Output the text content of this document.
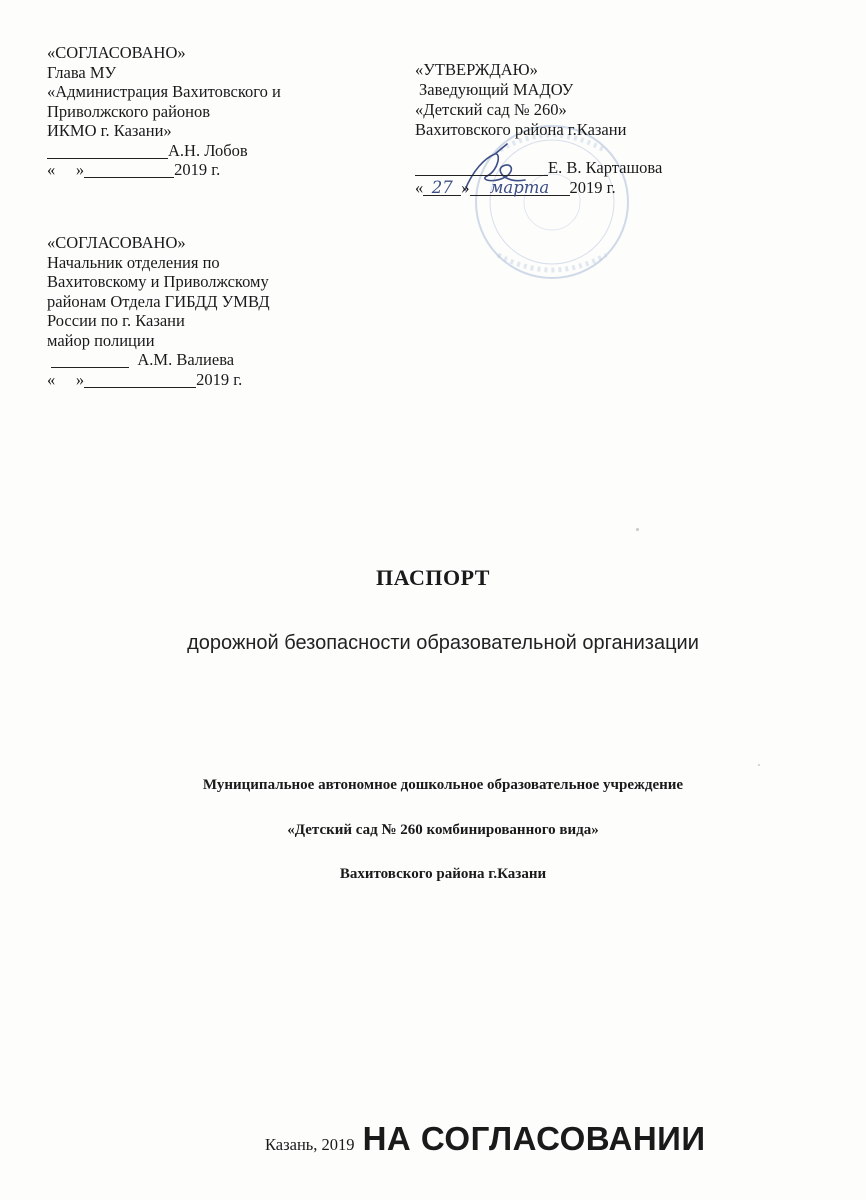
«СОГЛАСОВАНО»
Глава МУ
«Администрация Вахитовского и
Приволжского районов
ИКМО г. Казани»
А.Н. Лобов
«     »	2019 г.
«СОГЛАСОВАНО»
Начальник отделения по
Вахитовскому и Приволжскому
районам Отдела ГИБДД УМВД
России по г. Казани
майор полиции
А.М. Валиева
«     »	2019 г.
«УТВЕРЖДАЮ»
Заведующий МАДОУ
«Детский сад № 260»
Вахитовского района г.Казани
Е. В. Карташова
« 27 » марта 2019 г.
ПАСПОРТ
дорожной безопасности образовательной организации
Муниципальное автономное дошкольное образовательное учреждение
«Детский сад № 260 комбинированного вида»
Вахитовского района г.Казани
Казань, 2019 НА СОГЛАСОВАНИИ
